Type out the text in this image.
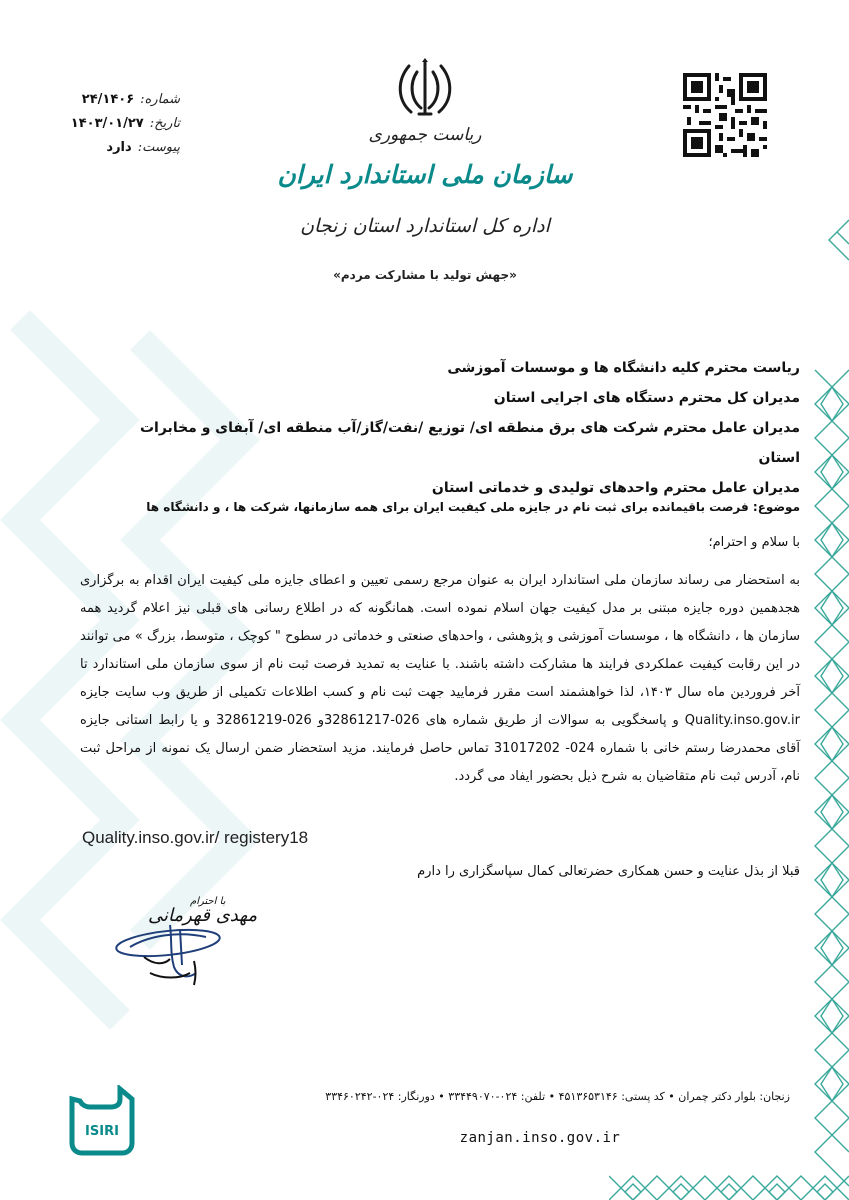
شماره:
۲۴/۱۴۰۶
تاریخ:
۱۴۰۳/۰۱/۲۷
پیوست:
دارد
ریاست جمهوری
سازمان ملی استاندارد ایران
اداره کل استاندارد استان زنجان
«جهش تولید با مشارکت مردم»
ریاست محترم کلیه دانشگاه ها و موسسات آموزشی
مدیران کل محترم دستگاه های اجرایی استان
مدیران عامل محترم شرکت های برق منطقه ای/ توزیع /نفت/گاز/آب منطقه ای/ آبفای و مخابرات استان
مدیران عامل محترم واحدهای تولیدی و خدماتی استان
موضوع: فرصت باقیمانده برای ثبت نام در جایزه ملی کیفیت ایران برای همه سازمانها، شرکت ها ، و دانشگاه ها
با سلام و احترام؛
به استحضار می رساند سازمان ملی استاندارد ایران به عنوان مرجع رسمی تعیین و اعطای جایزه ملی کیفیت ایران اقدام به برگزاری هجدهمین دوره جایزه مبتنی بر مدل کیفیت جهان اسلام نموده است. همانگونه که در اطلاع رسانی های قبلی نیز اعلام گردید همه سازمان ها ، دانشگاه ها ، موسسات آموزشی و پژوهشی ، واحدهای صنعتی و خدماتی در سطوح " کوچک ، متوسط، بزرگ » می توانند در این رقابت کیفیت عملکردی فرایند ها مشارکت داشته باشند. با عنایت به تمدید فرصت ثبت نام از سوی سازمان ملی استاندارد تا آخر فروردین ماه سال ۱۴۰۳، لذا خواهشمند است مقرر فرمایید جهت ثبت نام و کسب اطلاعات تکمیلی از طریق وب سایت جایزه Quality.inso.gov.ir و پاسخگویی به سوالات از طریق شماره های 026-32861217و 026-32861219 و یا رابط استانی جایزه آقای محمدرضا رستم خانی با شماره 024- 31017202 تماس حاصل فرمایند. مزید استحضار ضمن ارسال یک نمونه از مراحل ثبت نام، آدرس ثبت نام متقاضیان به شرح ذیل بحضور ایفاد می گردد.
Quality.inso.gov.ir/ registery18
قبلا از بذل عنایت و حسن همکاری حضرتعالی کمال سپاسگزاری را دارم
با احترام
مهدی قهرمانی
ISIRI
زنجان: بلوار دکتر چمران • کد پستی: ۴۵۱۳۶۵۳۱۴۶ • تلفن: ۰۲۴-۳۳۴۴۹۰۷۰ • دورنگار: ۰۲۴-۳۳۴۶۰۲۴۲
zanjan.inso.gov.ir
